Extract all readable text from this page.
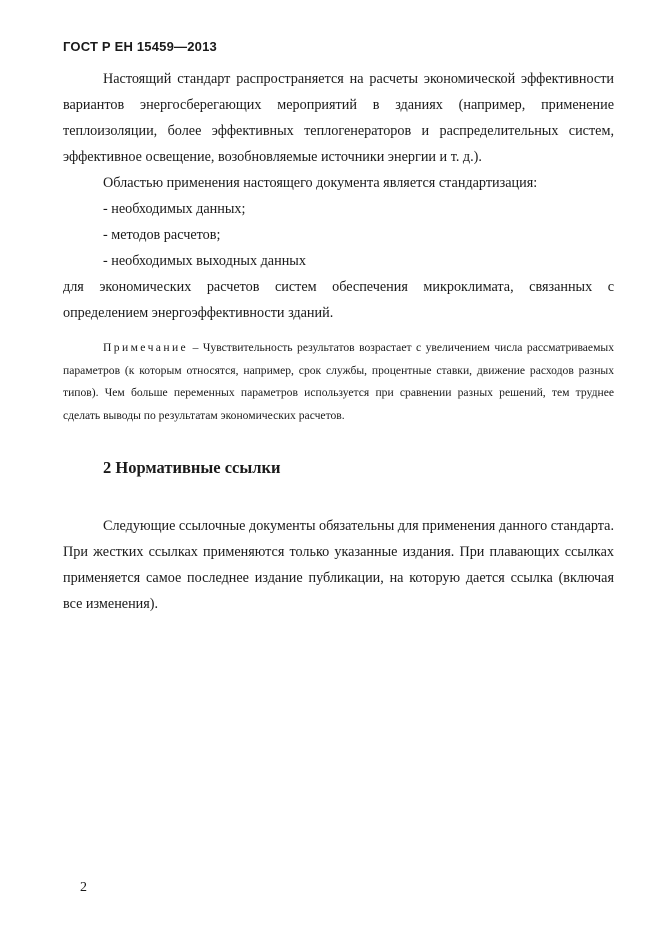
ГОСТ Р ЕН 15459—2013

Настоящий стандарт распространяется на расчеты экономической эффективности вариантов энергосберегающих мероприятий в зданиях (например, применение теплоизоляции, более эффективных теплогенераторов и распределительных систем, эффективное освещение, возобновляемые источники энергии и т. д.).

Областью применения настоящего документа является стандартизация:

- необходимых данных;

- методов расчетов;

- необходимых выходных данных

для экономических расчетов систем обеспечения микроклимата, связанных с определением энергоэффективности зданий.

Примечание – Чувствительность результатов возрастает с увеличением числа рассматриваемых параметров (к которым относятся, например, срок службы, процентные ставки, движение расходов разных типов). Чем больше переменных параметров используется при сравнении разных решений, тем труднее сделать выводы по результатам экономических расчетов.

2 Нормативные ссылки

Следующие ссылочные документы обязательны для применения данного стандарта. При жестких ссылках применяются только указанные издания. При плавающих ссылках применяется самое последнее издание публикации, на которую дается ссылка (включая все изменения).

2
